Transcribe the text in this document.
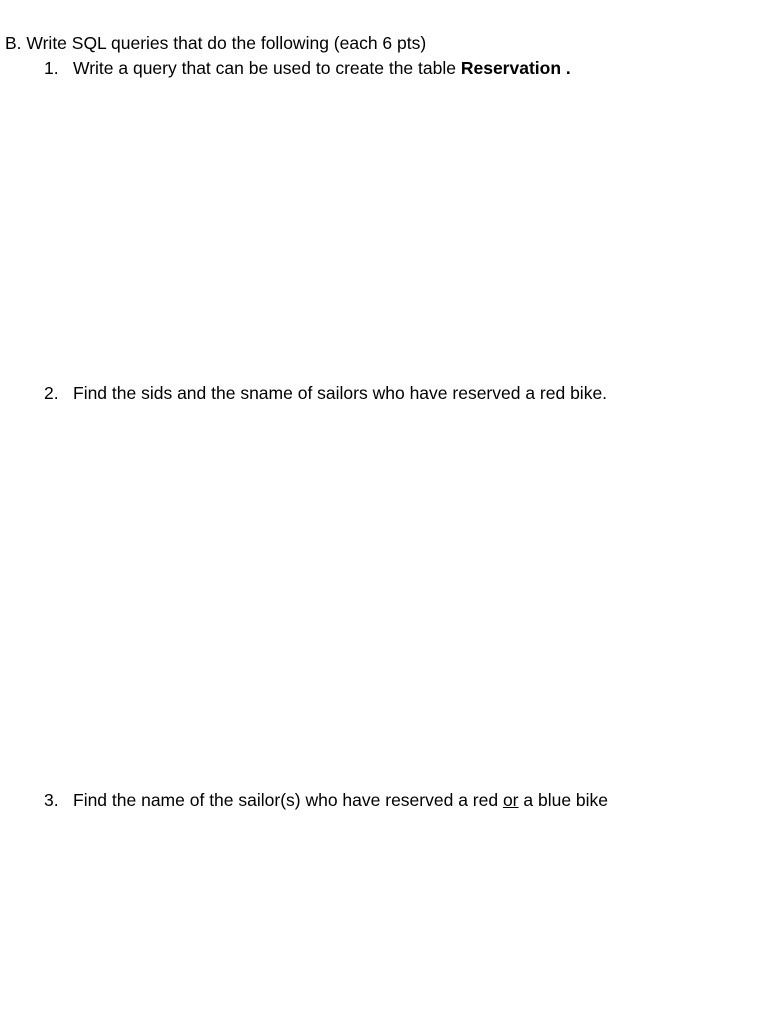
B. Write SQL queries that do the following (each 6 pts)
1. Write a query that can be used to create the table Reservation .
2. Find the sids and the sname of sailors who have reserved a red bike.
3. Find the name of the sailor(s) who have reserved a red or a blue bike
